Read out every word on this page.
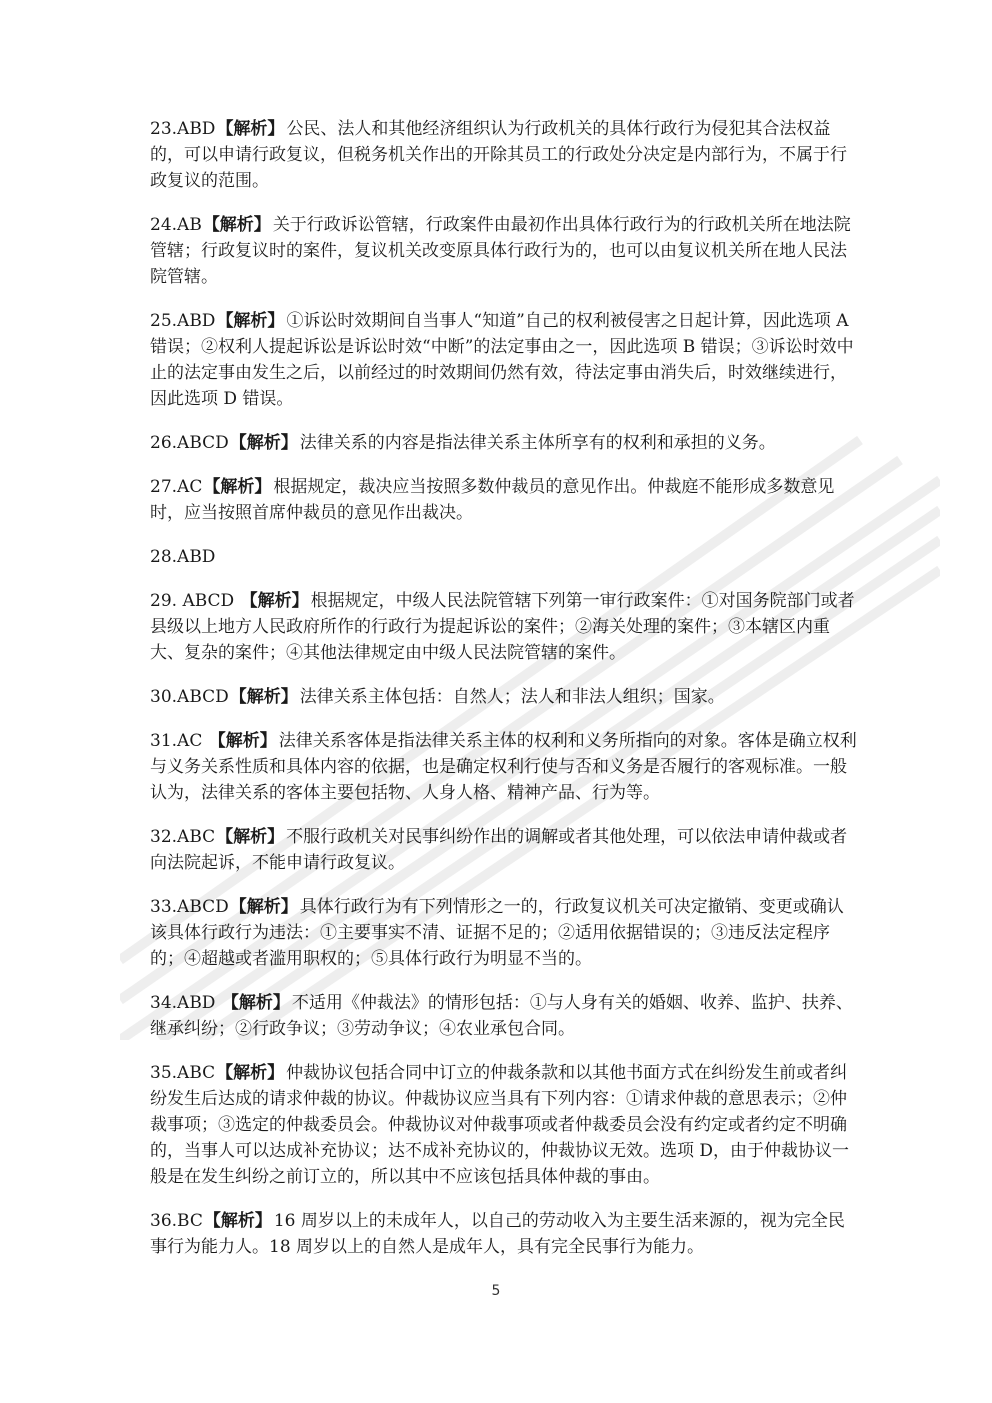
23.ABD【解析】 公民、法人和其他经济组织认为行政机关的具体行政行为侵犯其合法权益的，可以申请行政复议，但税务机关作出的开除其员工的行政处分决定是内部行为，不属于行政复议的范围。

24.AB【解析】 关于行政诉讼管辖，行政案件由最初作出具体行政行为的行政机关所在地法院管辖；行政复议时的案件，复议机关改变原具体行政行为的，也可以由复议机关所在地人民法院管辖。

25.ABD【解析】 ①诉讼时效期间自当事人“知道”自己的权利被侵害之日起计算，因此选项 A 错误；②权利人提起诉讼是诉讼时效“中断”的法定事由之一，因此选项 B 错误；③诉讼时效中止的法定事由发生之后，以前经过的时效期间仍然有效，待法定事由消失后，时效继续进行，因此选项 D 错误。

26.ABCD【解析】 法律关系的内容是指法律关系主体所享有的权利和承担的义务。

27.AC【解析】 根据规定，裁决应当按照多数仲裁员的意见作出。仲裁庭不能形成多数意见时，应当按照首席仲裁员的意见作出裁决。

28.ABD

29. ABCD 【解析】 根据规定，中级人民法院管辖下列第一审行政案件：①对国务院部门或者县级以上地方人民政府所作的行政行为提起诉讼的案件；②海关处理的案件；③本辖区内重大、复杂的案件；④其他法律规定由中级人民法院管辖的案件。

30.ABCD【解析】 法律关系主体包括：自然人；法人和非法人组织；国家。

31.AC 【解析】 法律关系客体是指法律关系主体的权利和义务所指向的对象。客体是确立权利与义务关系性质和具体内容的依据，也是确定权利行使与否和义务是否履行的客观标准。一般认为，法律关系的客体主要包括物、人身人格、精神产品、行为等。

32.ABC【解析】 不服行政机关对民事纠纷作出的调解或者其他处理，可以依法申请仲裁或者向法院起诉，不能申请行政复议。

33.ABCD【解析】 具体行政行为有下列情形之一的，行政复议机关可决定撤销、变更或确认该具体行政行为违法：①主要事实不清、证据不足的；②适用依据错误的；③违反法定程序的；④超越或者滥用职权的；⑤具体行政行为明显不当的。

34.ABD 【解析】 不适用《仲裁法》的情形包括：①与人身有关的婚姻、收养、监护、扶养、继承纠纷；②行政争议；③劳动争议；④农业承包合同。

35.ABC【解析】 仲裁协议包括合同中订立的仲裁条款和以其他书面方式在纠纷发生前或者纠纷发生后达成的请求仲裁的协议。仲裁协议应当具有下列内容：①请求仲裁的意思表示；②仲裁事项；③选定的仲裁委员会。仲裁协议对仲裁事项或者仲裁委员会没有约定或者约定不明确的，当事人可以达成补充协议；达不成补充协议的，仲裁协议无效。选项 D，由于仲裁协议一般是在发生纠纷之前订立的，所以其中不应该包括具体仲裁的事由。

36.BC【解析】 16 周岁以上的未成年人，以自己的劳动收入为主要生活来源的，视为完全民事行为能力人。18 周岁以上的自然人是成年人，具有完全民事行为能力。

5
